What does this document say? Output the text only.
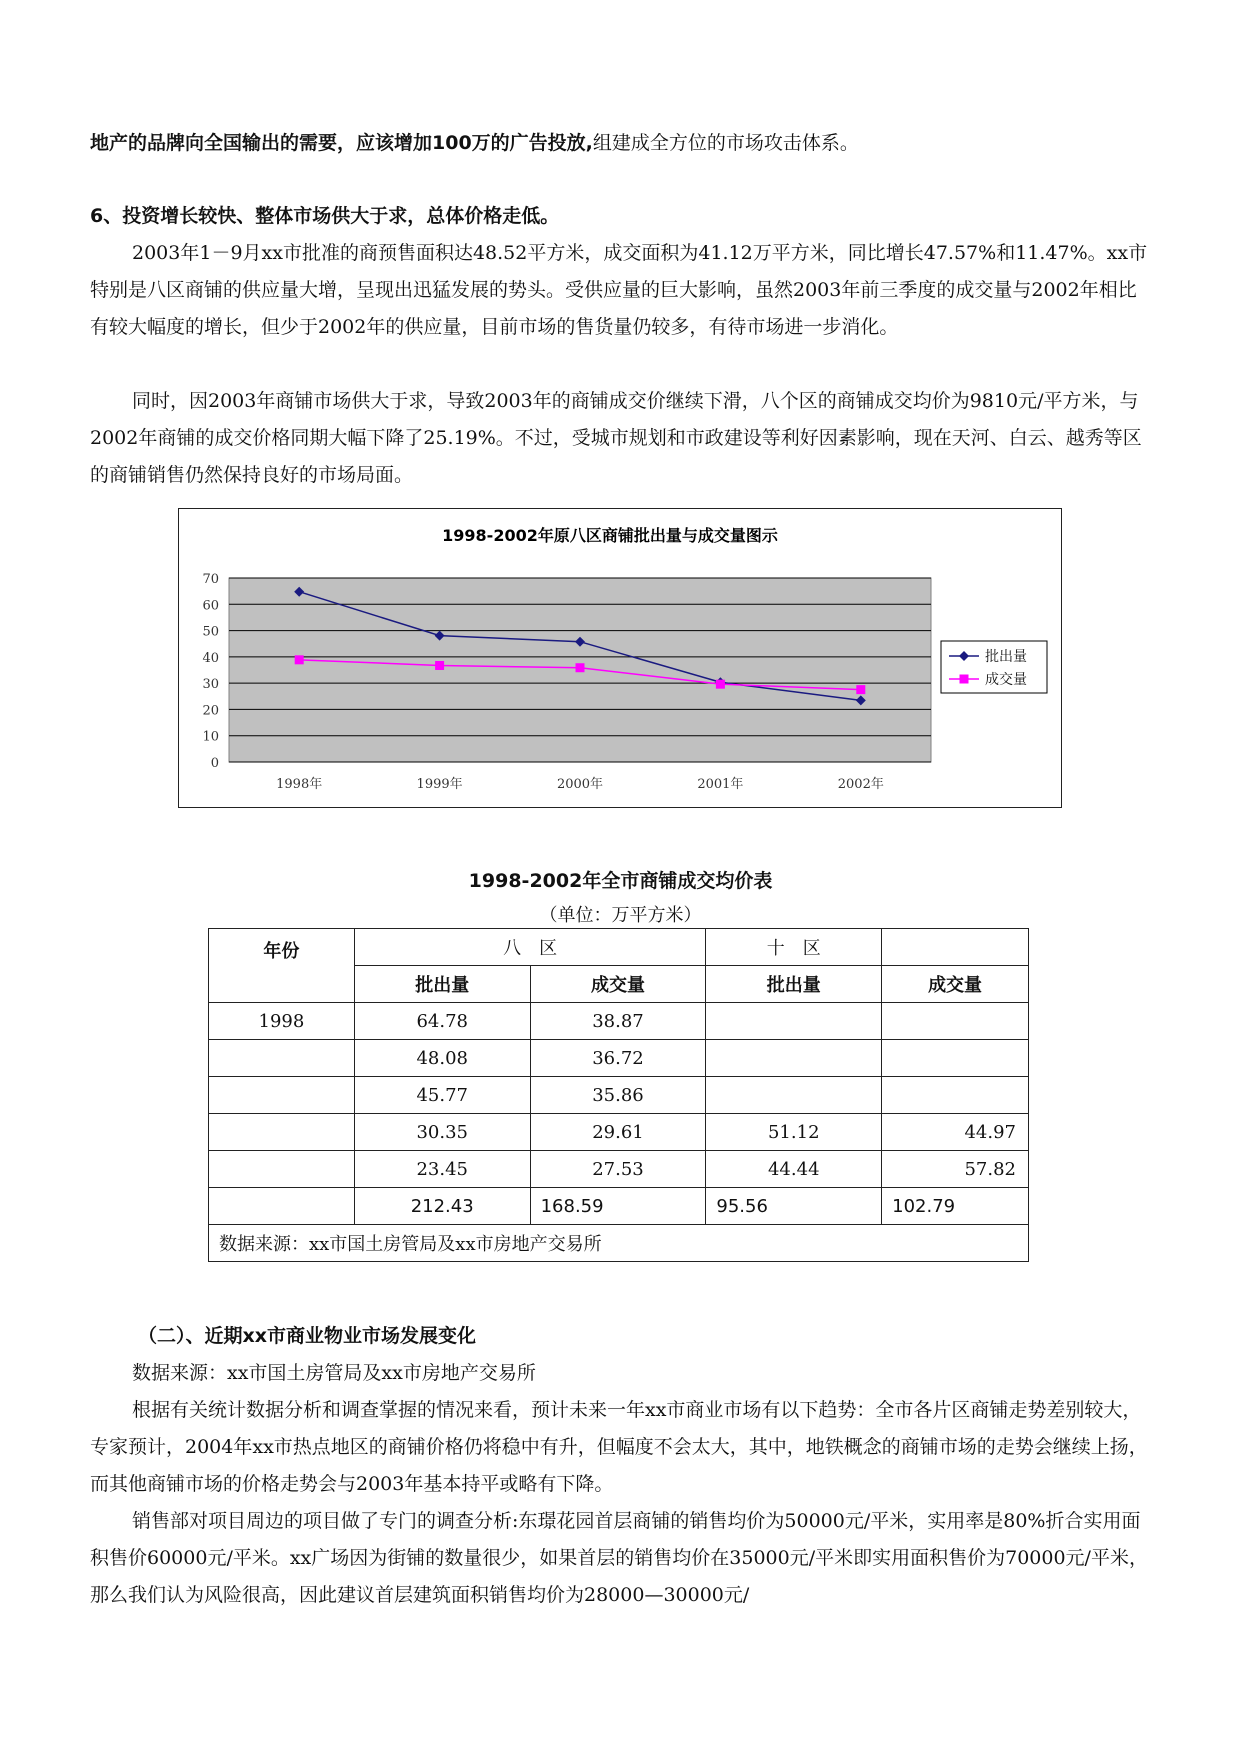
地产的品牌向全国输出的需要，应该增加100万的广告投放,组建成全方位的市场攻击体系。

6、投资增长较快、整体市场供大于求，总体价格走低。

2003年1－9月xx市批准的商预售面积达48.52平方米，成交面积为41.12万平方米，同比增长47.57%和11.47%。xx市特别是八区商铺的供应量大增，呈现出迅猛发展的势头。受供应量的巨大影响，虽然2003年前三季度的成交量与2002年相比有较大幅度的增长，但少于2002年的供应量，目前市场的售货量仍较多，有待市场进一步消化。

同时，因2003年商铺市场供大于求，导致2003年的商铺成交价继续下滑，八个区的商铺成交均价为9810元/平方米，与2002年商铺的成交价格同期大幅下降了25.19%。不过，受城市规划和市政建设等利好因素影响，现在天河、白云、越秀等区的商铺销售仍然保持良好的市场局面。

1998-2002年原八区商铺批出量与成交量图示
0
10
20
30
40
50
60
70
1998年	1999年	2000年	2001年	2002年
批出量
成交量
1998-2002年全市商铺成交均价表
（单位：万平方米）
年份	八　区		十　区	
	批出量	成交量	批出量	成交量
1998	64.78	38.87		
	48.08	36.72		
	45.77	35.86		
	30.35	29.61	51.12	44.97
	23.45	27.53	44.44	57.82
	212.43	168.59	95.56	102.79
数据来源：xx市国土房管局及xx市房地产交易所				

（二）、近期xx市商业物业市场发展变化

数据来源：xx市国土房管局及xx市房地产交易所

根据有关统计数据分析和调查掌握的情况来看，预计未来一年xx市商业市场有以下趋势：全市各片区商铺走势差别较大，专家预计，2004年xx市热点地区的商铺价格仍将稳中有升，但幅度不会太大，其中，地铁概念的商铺市场的走势会继续上扬，而其他商铺市场的价格走势会与2003年基本持平或略有下降。

销售部对项目周边的项目做了专门的调查分析:东璟花园首层商铺的销售均价为50000元/平米，实用率是80%折合实用面积售价60000元/平米。xx广场因为街铺的数量很少，如果首层的销售均价在35000元/平米即实用面积售价为70000元/平米，那么我们认为风险很高，因此建议首层建筑面积销售均价为28000—30000元/
